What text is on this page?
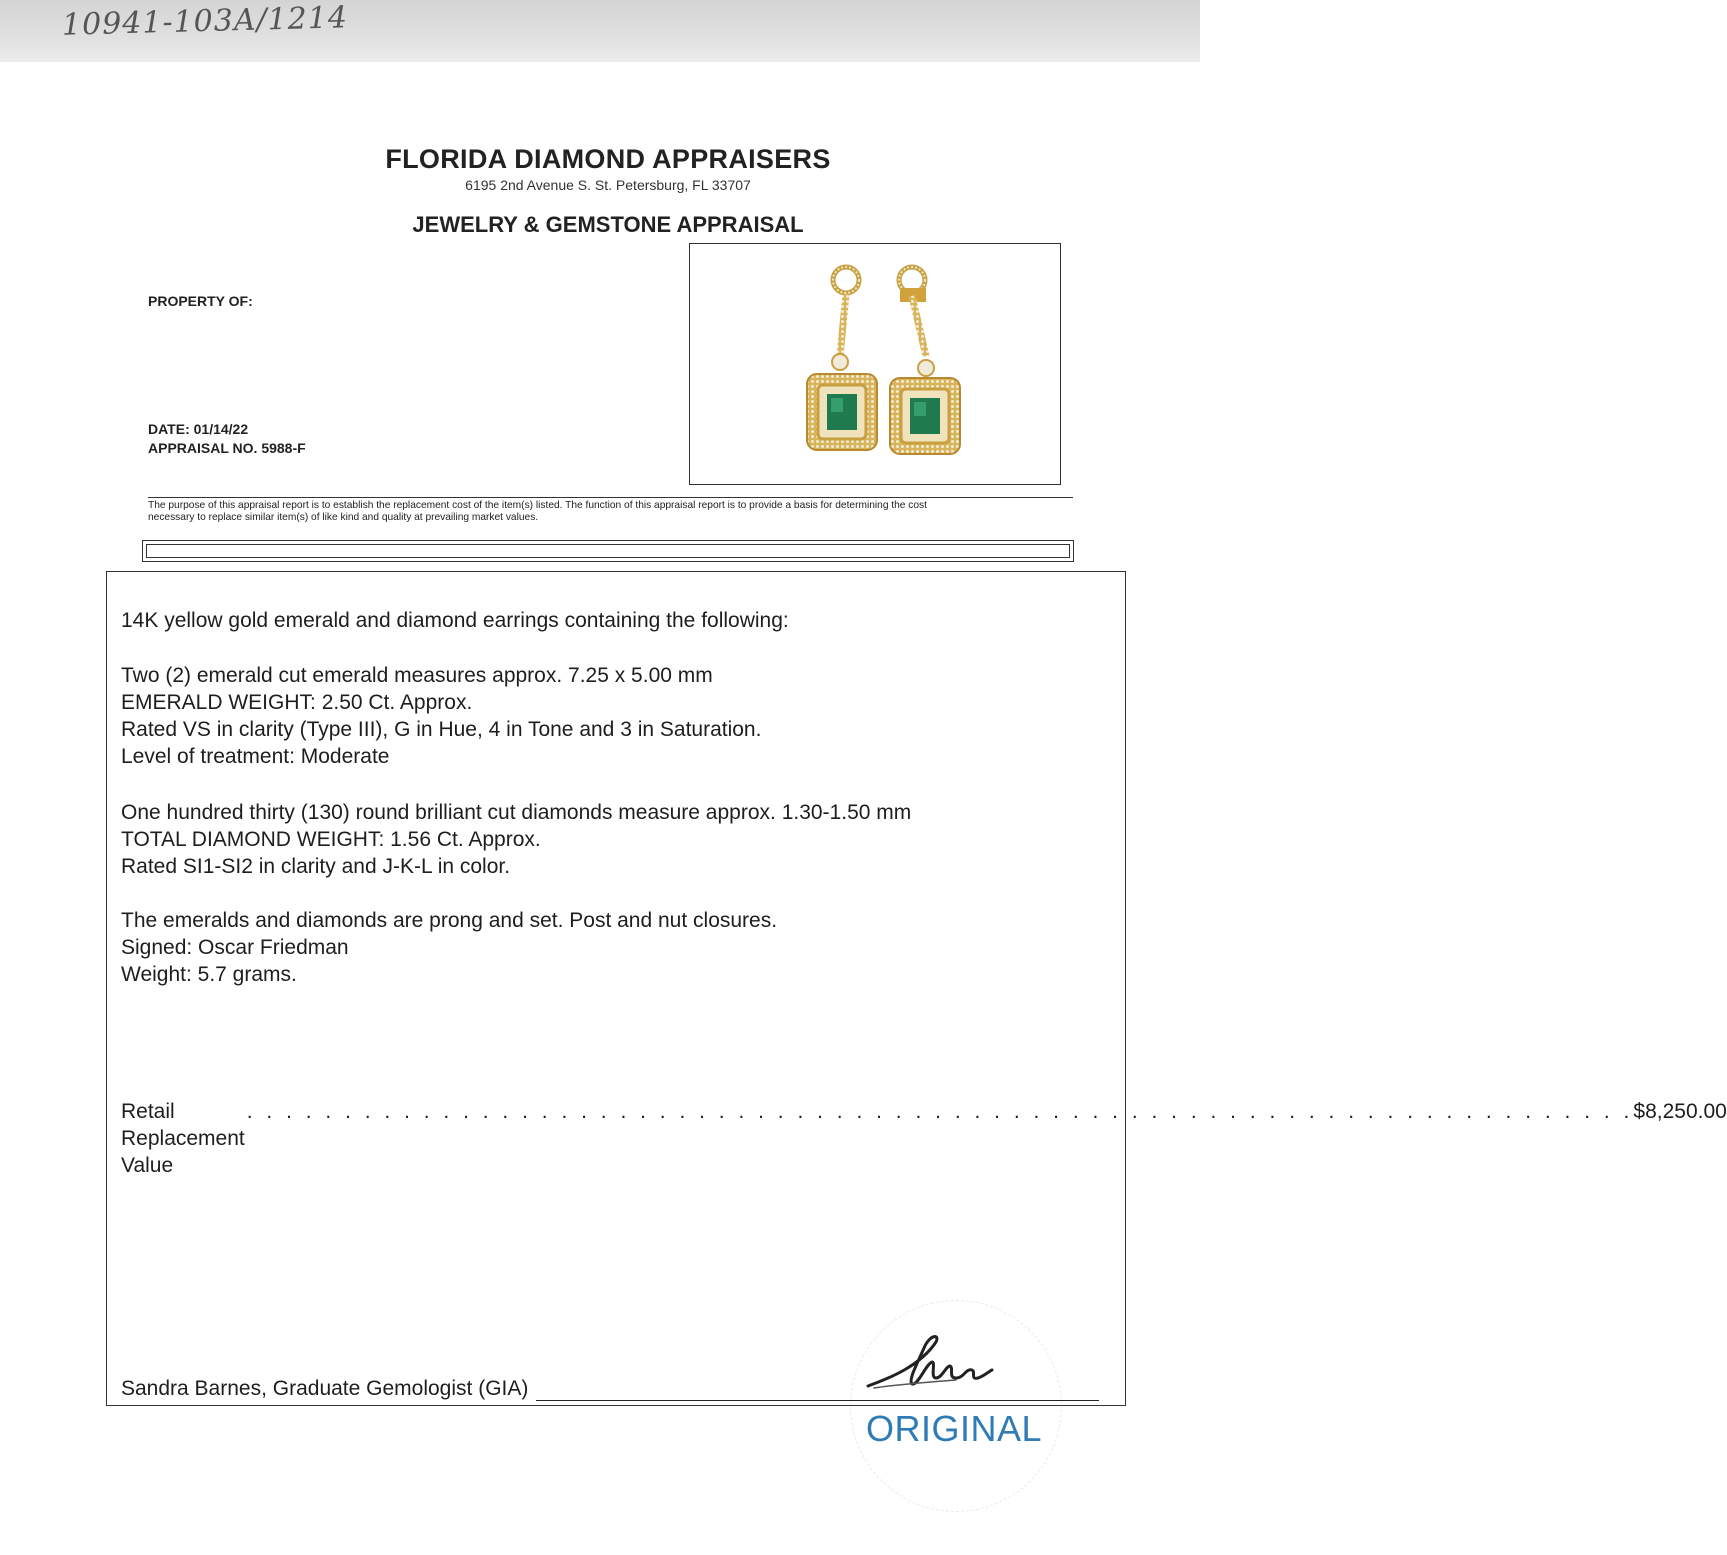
10941-103A/1214
FLORIDA DIAMOND APPRAISERS
6195 2nd Avenue S. St. Petersburg, FL 33707
JEWELRY & GEMSTONE APPRAISAL
PROPERTY OF:
DATE: 01/14/22
APPRAISAL NO. 5988-F
The purpose of this appraisal report is to establish the replacement cost of the item(s) listed. The function of this appraisal report is to provide a basis for determining the cost
necessary to replace similar item(s) of like kind and quality at prevailing market values.
14K yellow gold emerald and diamond earrings containing the following:
Two (2) emerald cut emerald measures approx. 7.25 x 5.00 mm
EMERALD WEIGHT: 2.50 Ct. Approx.
Rated VS in clarity (Type III), G in Hue, 4 in Tone and 3 in Saturation.
Level of treatment: Moderate
One hundred thirty (130) round brilliant cut diamonds measure approx. 1.30-1.50 mm
TOTAL DIAMOND WEIGHT: 1.56 Ct. Approx.
Rated SI1-SI2 in clarity and J-K-L in color.
The emeralds and diamonds are prong and set. Post and nut closures.
Signed: Oscar Friedman
Weight: 5.7 grams.
Retail Replacement Value
. . . . . . . . . . . . . . . . . . . . . . . . . . . . . . . . . . . . . . . . . . . . . . . . . . . . . . . . . . . . . . . . . . . . . . . $8,250.00
Sandra Barnes, Graduate Gemologist (GIA)
ORIGINAL
